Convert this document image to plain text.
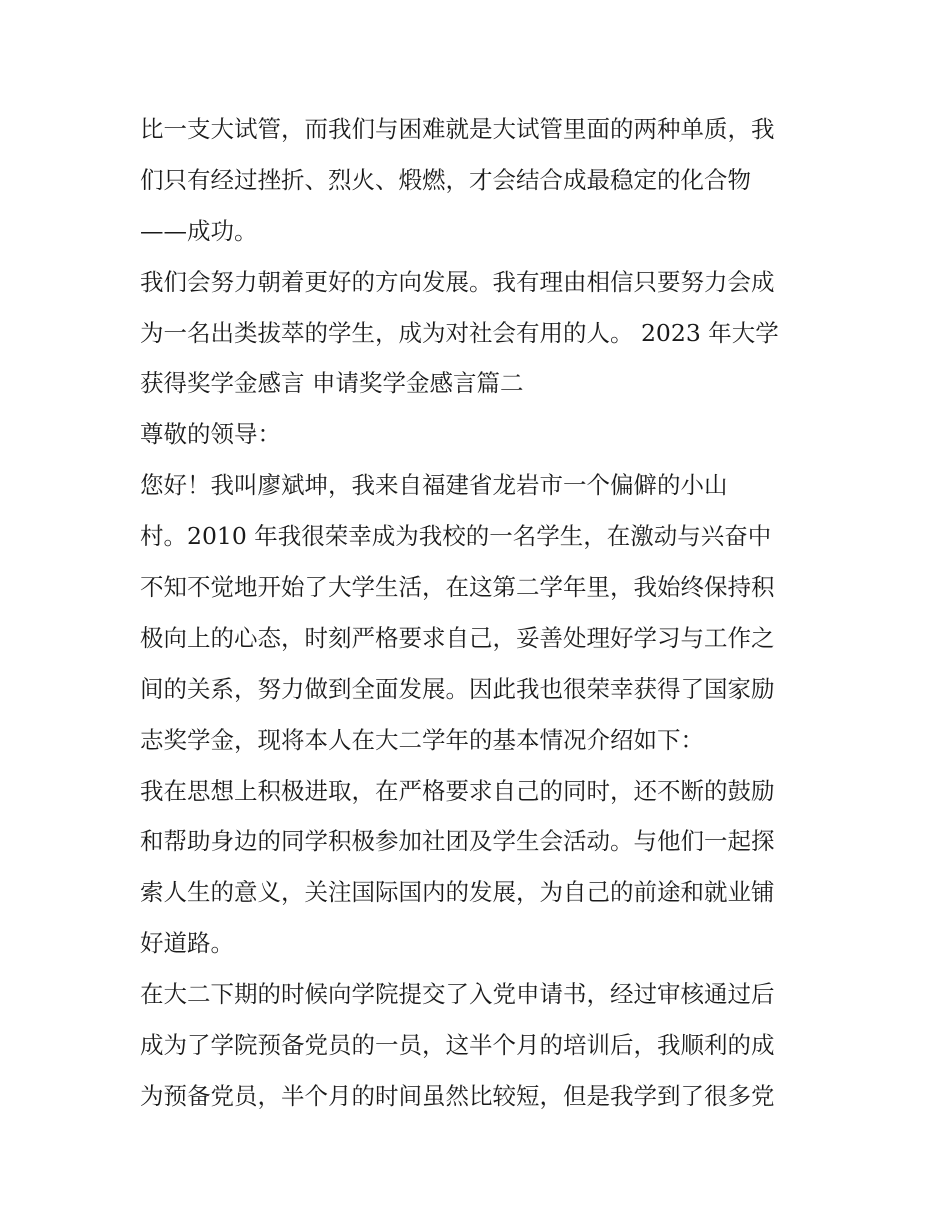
比一支大试管，而我们与困难就是大试管里面的两种单质，我
们只有经过挫折、烈火、煅燃，才会结合成最稳定的化合物
——成功。
我们会努力朝着更好的方向发展。我有理由相信只要努力会成
为一名出类拔萃的学生，成为对社会有用的人。 2023 年大学
获得奖学金感言 申请奖学金感言篇二
尊敬的领导：
您好！我叫廖斌坤，我来自福建省龙岩市一个偏僻的小山
村。2010 年我很荣幸成为我校的一名学生，在激动与兴奋中
不知不觉地开始了大学生活，在这第二学年里，我始终保持积
极向上的心态，时刻严格要求自己，妥善处理好学习与工作之
间的关系，努力做到全面发展。因此我也很荣幸获得了国家励
志奖学金，现将本人在大二学年的基本情况介绍如下：
我在思想上积极进取，在严格要求自己的同时，还不断的鼓励
和帮助身边的同学积极参加社团及学生会活动。与他们一起探
索人生的意义，关注国际国内的发展，为自己的前途和就业铺
好道路。
在大二下期的时候向学院提交了入党申请书，经过审核通过后
成为了学院预备党员的一员，这半个月的培训后，我顺利的成
为预备党员，半个月的时间虽然比较短，但是我学到了很多党
